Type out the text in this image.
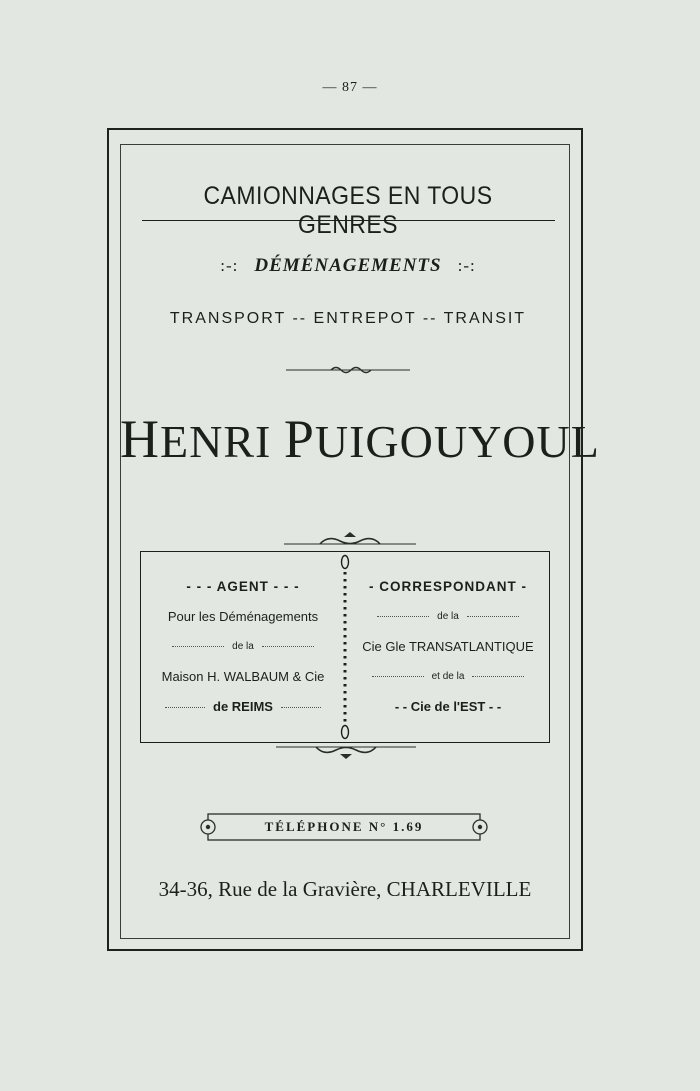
— 87 —
CAMIONNAGES EN TOUS GENRES
:-: DÉMÉNAGEMENTS :-:
TRANSPORT -- ENTREPOT -- TRANSIT
HENRI PUIGOUYOUL
- - - AGENT - - -
Pour les Déménagements
de la
Maison H. WALBAUM & Cie
de REIMS
- CORRESPONDANT -
de la
Cie Gle TRANSATLANTIQUE
et de la
- - Cie de l'EST - -
TÉLÉPHONE N° 1.69
34-36, Rue de la Gravière, CHARLEVILLE
